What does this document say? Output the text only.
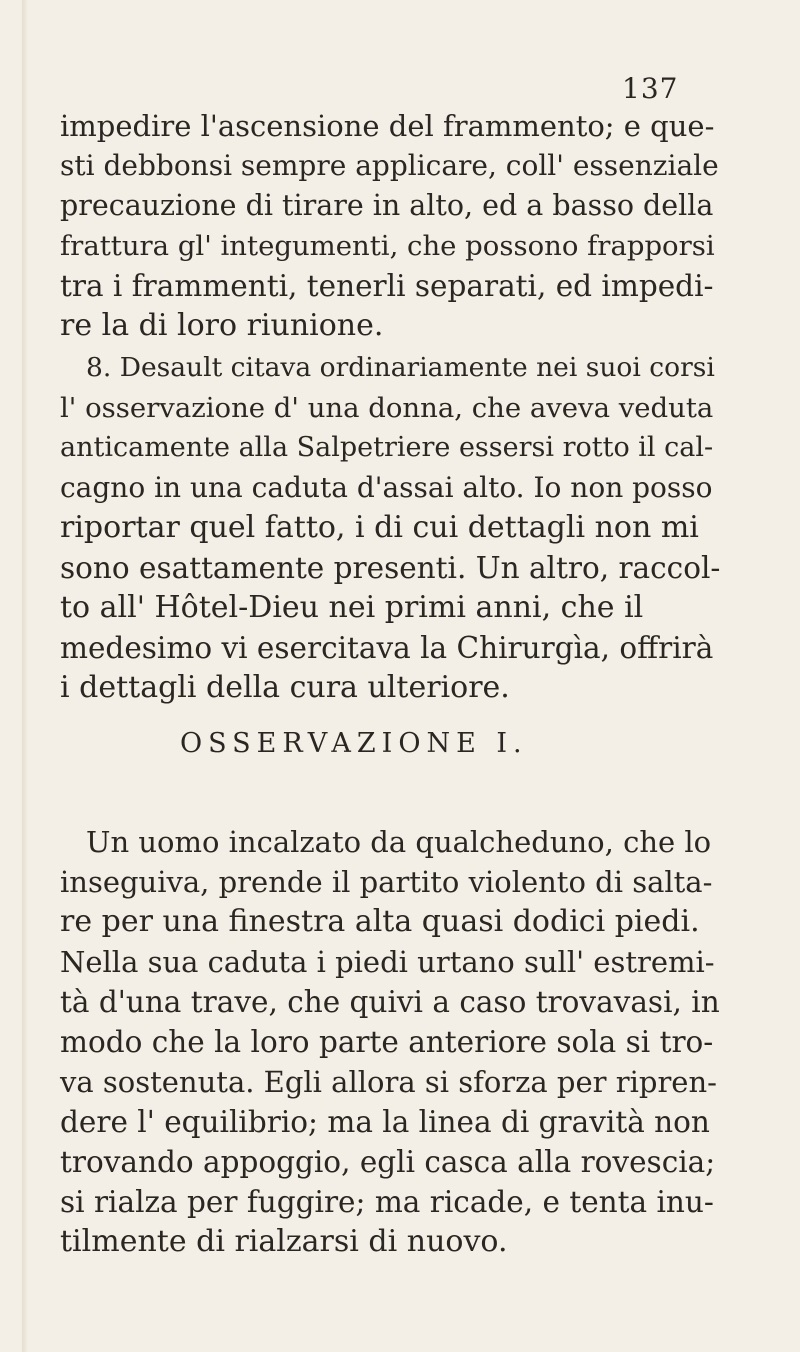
137
impedire l'ascensione del frammento; e que-
sti debbonsi sempre applicare, coll' essenziale
precauzione di tirare in alto, ed a basso della
frattura gl' integumenti, che possono frapporsi
tra i frammenti, tenerli separati, ed impedi-
re la di loro riunione.
8. Desault citava ordinariamente nei suoi corsi
l' osservazione d' una donna, che aveva veduta
anticamente alla Salpetriere essersi rotto il cal-
cagno in una caduta d'assai alto. Io non posso
riportar quel fatto, i di cui dettagli non mi
sono esattamente presenti. Un altro, raccol-
to all' Hôtel-Dieu nei primi anni, che il
medesimo vi esercitava la Chirurgìa, offrirà
i dettagli della cura ulteriore.
OSSERVAZIONE I.
Un uomo incalzato da qualcheduno, che lo
inseguiva, prende il partito violento di salta-
re per una finestra alta quasi dodici piedi.
Nella sua caduta i piedi urtano sull' estremi-
tà d'una trave, che quivi a caso trovavasi, in
modo che la loro parte anteriore sola si tro-
va sostenuta. Egli allora si sforza per ripren-
dere l' equilibrio; ma la linea di gravità non
trovando appoggio, egli casca alla rovescia;
si rialza per fuggire; ma ricade, e tenta inu-
tilmente di rialzarsi di nuovo.
